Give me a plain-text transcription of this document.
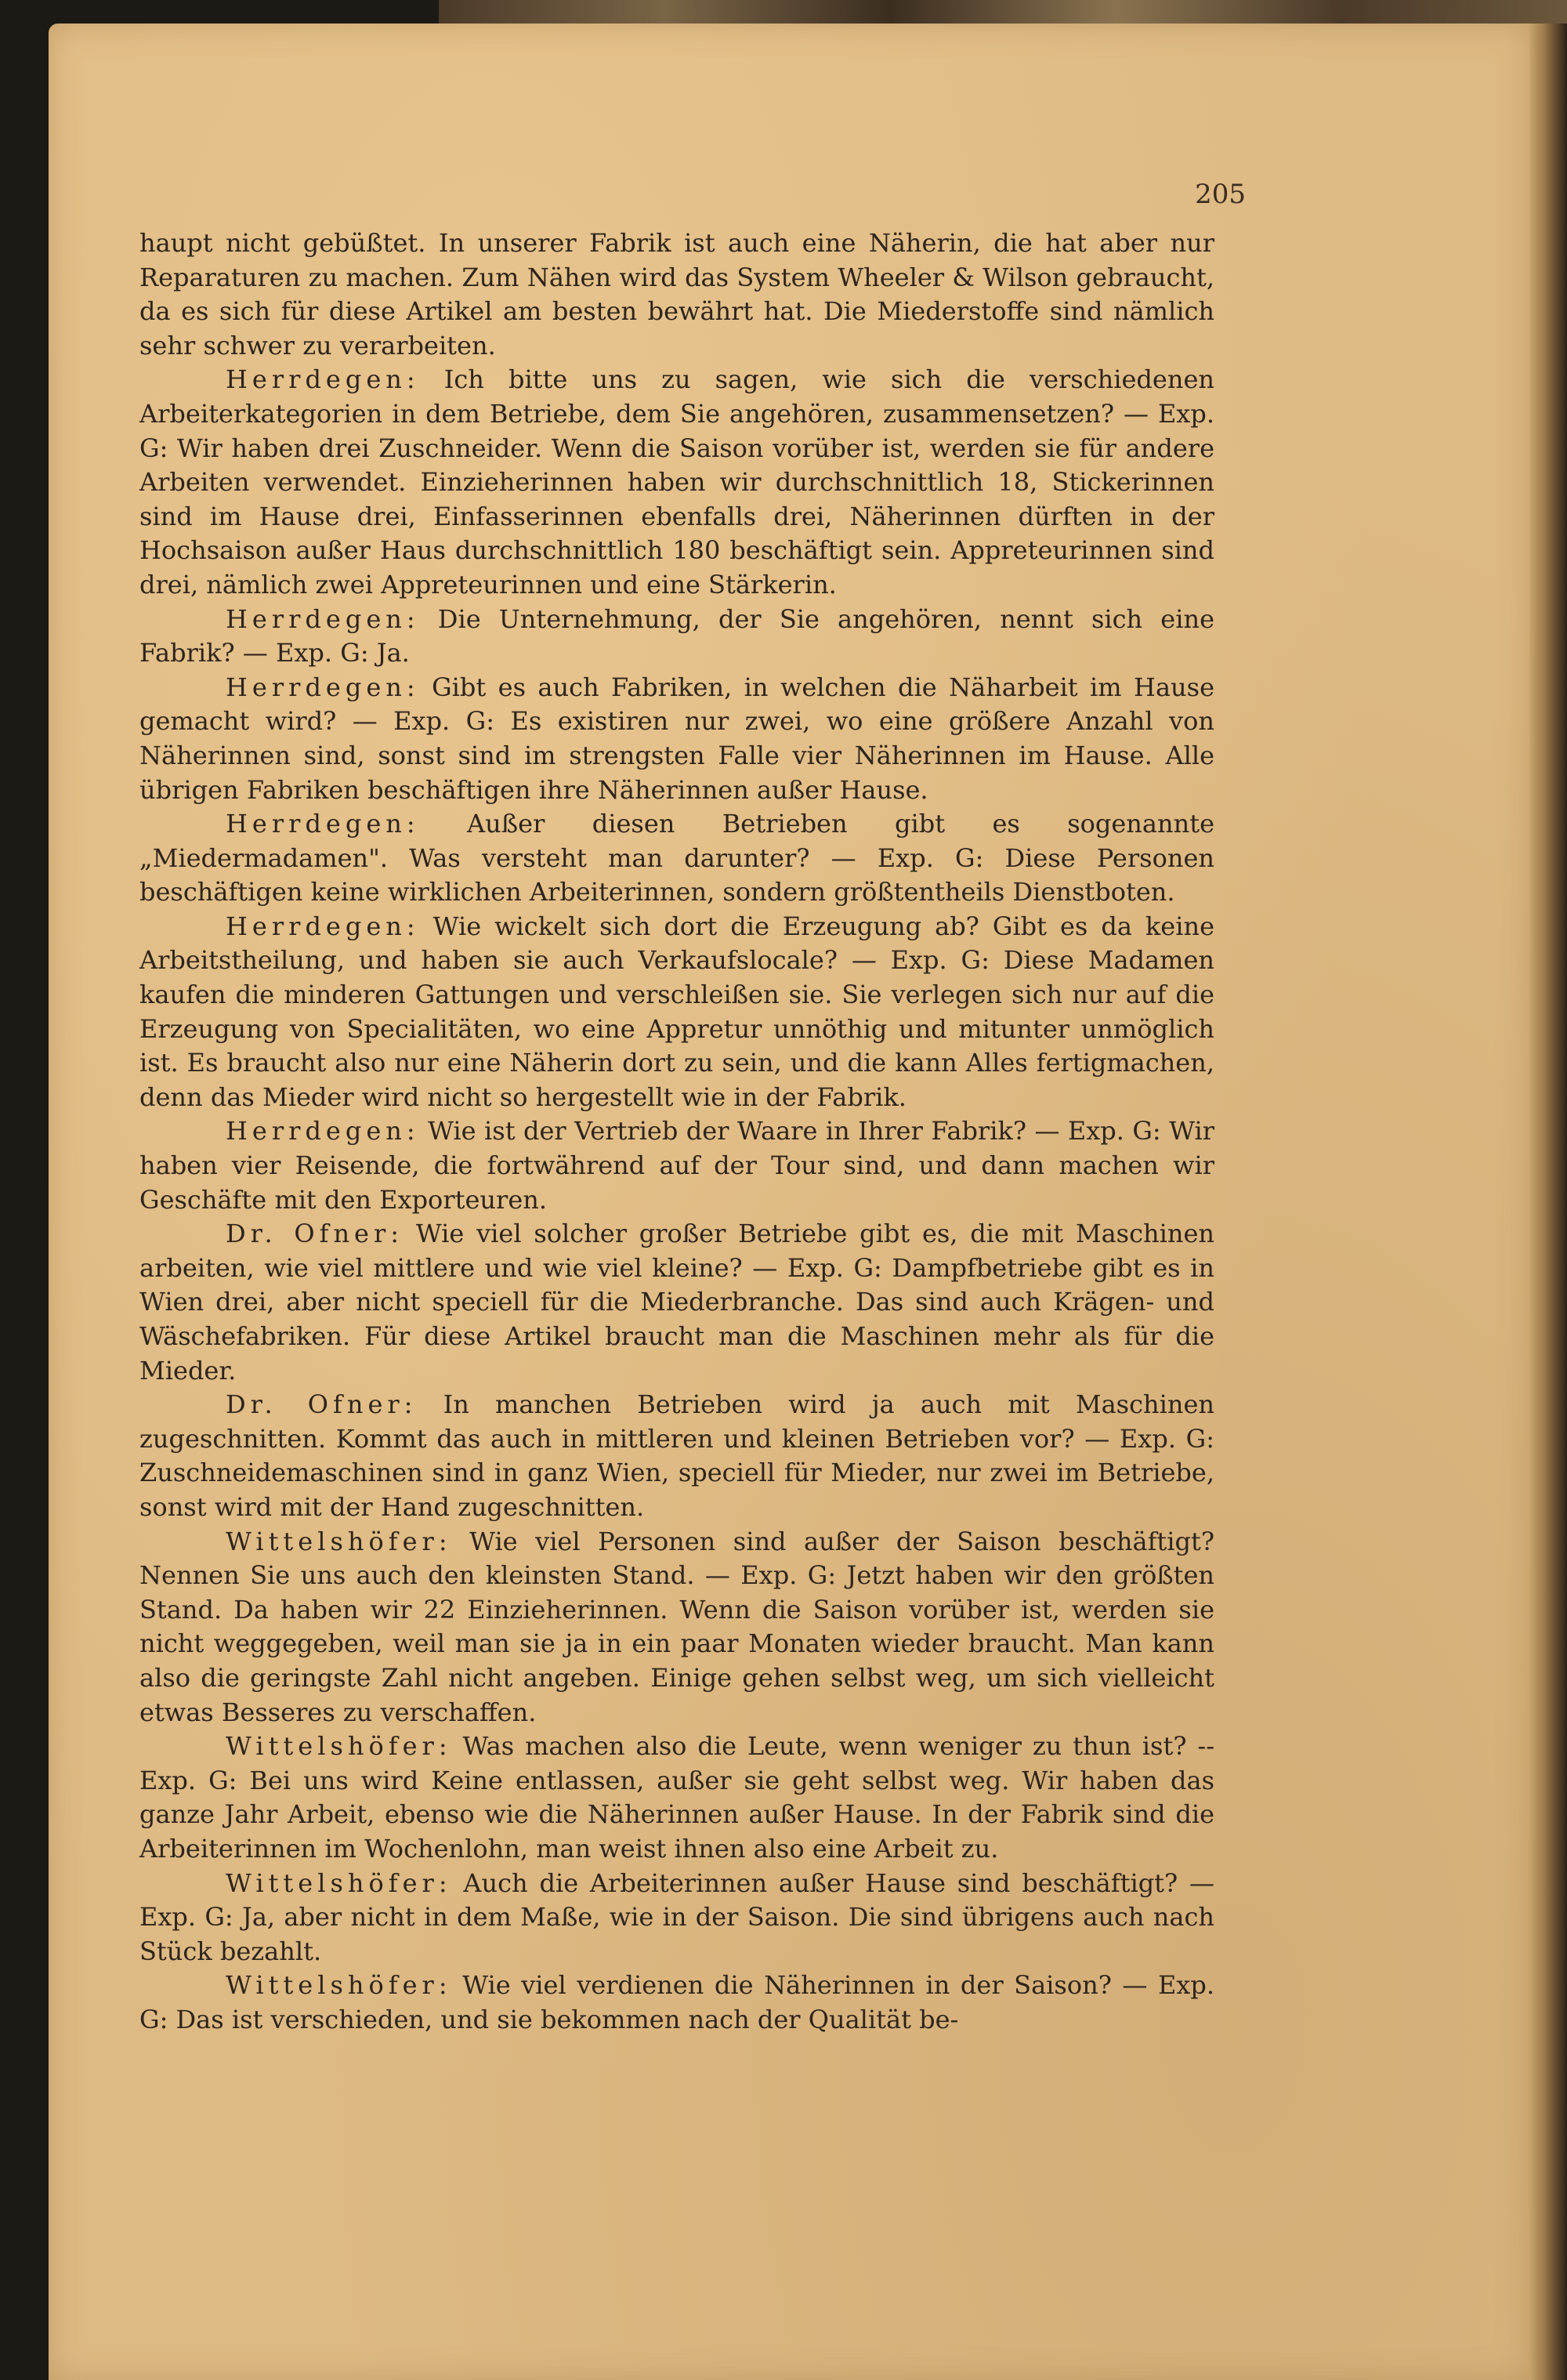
205

haupt nicht gebüßtet. In unserer Fabrik ist auch eine Näherin, die hat aber nur Reparaturen zu machen. Zum Nähen wird das System Wheeler & Wilson gebraucht, da es sich für diese Artikel am besten bewährt hat. Die Miederstoffe sind nämlich sehr schwer zu verarbeiten.

Herrdegen: Ich bitte uns zu sagen, wie sich die verschiedenen Arbeiterkategorien in dem Betriebe, dem Sie angehören, zusammensetzen? — Exp. G: Wir haben drei Zuschneider. Wenn die Saison vorüber ist, werden sie für andere Arbeiten verwendet. Einzieherinnen haben wir durchschnittlich 18, Stickerinnen sind im Hause drei, Einfasserinnen ebenfalls drei, Näherinnen dürften in der Hochsaison außer Haus durchschnittlich 180 beschäftigt sein. Appreteurinnen sind drei, nämlich zwei Appreteurinnen und eine Stärkerin.

Herrdegen: Die Unternehmung, der Sie angehören, nennt sich eine Fabrik? — Exp. G: Ja.

Herrdegen: Gibt es auch Fabriken, in welchen die Näharbeit im Hause gemacht wird? — Exp. G: Es existiren nur zwei, wo eine größere Anzahl von Näherinnen sind, sonst sind im strengsten Falle vier Näherinnen im Hause. Alle übrigen Fabriken beschäftigen ihre Näherinnen außer Hause.

Herrdegen: Außer diesen Betrieben gibt es sogenannte „Miedermadamen". Was versteht man darunter? — Exp. G: Diese Personen beschäftigen keine wirklichen Arbeiterinnen, sondern größtentheils Dienstboten.

Herrdegen: Wie wickelt sich dort die Erzeugung ab? Gibt es da keine Arbeitstheilung, und haben sie auch Verkaufslocale? — Exp. G: Diese Madamen kaufen die minderen Gattungen und verschleißen sie. Sie verlegen sich nur auf die Erzeugung von Specialitäten, wo eine Appretur unnöthig und mitunter unmöglich ist. Es braucht also nur eine Näherin dort zu sein, und die kann Alles fertigmachen, denn das Mieder wird nicht so hergestellt wie in der Fabrik.

Herrdegen: Wie ist der Vertrieb der Waare in Ihrer Fabrik? — Exp. G: Wir haben vier Reisende, die fortwährend auf der Tour sind, und dann machen wir Geschäfte mit den Exporteuren.

Dr. Ofner: Wie viel solcher großer Betriebe gibt es, die mit Maschinen arbeiten, wie viel mittlere und wie viel kleine? — Exp. G: Dampfbetriebe gibt es in Wien drei, aber nicht speciell für die Miederbranche. Das sind auch Krägen- und Wäschefabriken. Für diese Artikel braucht man die Maschinen mehr als für die Mieder.

Dr. Ofner: In manchen Betrieben wird ja auch mit Maschinen zugeschnitten. Kommt das auch in mittleren und kleinen Betrieben vor? — Exp. G: Zuschneidemaschinen sind in ganz Wien, speciell für Mieder, nur zwei im Betriebe, sonst wird mit der Hand zugeschnitten.

Wittelshöfer: Wie viel Personen sind außer der Saison beschäftigt? Nennen Sie uns auch den kleinsten Stand. — Exp. G: Jetzt haben wir den größten Stand. Da haben wir 22 Einzieherinnen. Wenn die Saison vorüber ist, werden sie nicht weggegeben, weil man sie ja in ein paar Monaten wieder braucht. Man kann also die geringste Zahl nicht angeben. Einige gehen selbst weg, um sich vielleicht etwas Besseres zu verschaffen.

Wittelshöfer: Was machen also die Leute, wenn weniger zu thun ist? -- Exp. G: Bei uns wird Keine entlassen, außer sie geht selbst weg. Wir haben das ganze Jahr Arbeit, ebenso wie die Näherinnen außer Hause. In der Fabrik sind die Arbeiterinnen im Wochenlohn, man weist ihnen also eine Arbeit zu.

Wittelshöfer: Auch die Arbeiterinnen außer Hause sind beschäftigt? — Exp. G: Ja, aber nicht in dem Maße, wie in der Saison. Die sind übrigens auch nach Stück bezahlt.

Wittelshöfer: Wie viel verdienen die Näherinnen in der Saison? — Exp. G: Das ist verschieden, und sie bekommen nach der Qualität be-
